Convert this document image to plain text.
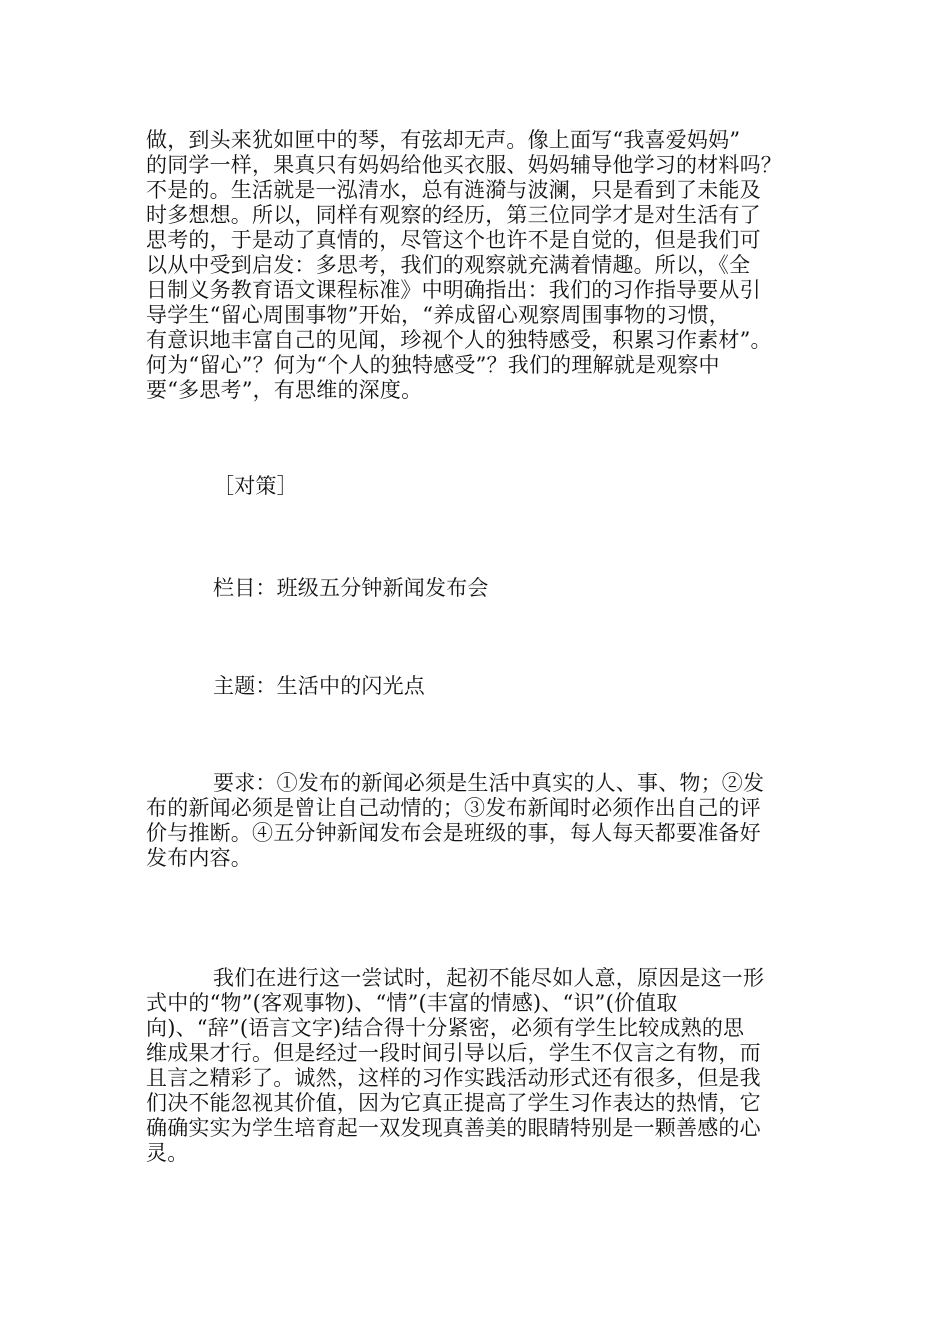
做，到头来犹如匣中的琴，有弦却无声。像上面写“我喜爱妈妈”
的同学一样，果真只有妈妈给他买衣服、妈妈辅导他学习的材料吗？
不是的。生活就是一泓清水，总有涟漪与波澜，只是看到了未能及
时多想想。所以，同样有观察的经历，第三位同学才是对生活有了
思考的，于是动了真情的，尽管这个也许不是自觉的，但是我们可
以从中受到启发：多思考，我们的观察就充满着情趣。所以，《全
日制义务教育语文课程标准》中明确指出：我们的习作指导要从引
导学生“留心周围事物”开始，“养成留心观察周围事物的习惯，
有意识地丰富自己的见闻，珍视个人的独特感受，积累习作素材”。
何为“留心”？何为“个人的独特感受”？我们的理解就是观察中
要“多思考”，有思维的深度。
［对策］
栏目：班级五分钟新闻发布会
主题：生活中的闪光点
要求：①发布的新闻必须是生活中真实的人、事、物；②发
布的新闻必须是曾让自己动情的；③发布新闻时必须作出自己的评
价与推断。④五分钟新闻发布会是班级的事，每人每天都要准备好
发布内容。
我们在进行这一尝试时，起初不能尽如人意，原因是这一形
式中的“物”(客观事物)、“情”(丰富的情感)、“识”(价值取
向)、“辞”(语言文字)结合得十分紧密，必须有学生比较成熟的思
维成果才行。但是经过一段时间引导以后，学生不仅言之有物，而
且言之精彩了。诚然，这样的习作实践活动形式还有很多，但是我
们决不能忽视其价值，因为它真正提高了学生习作表达的热情，它
确确实实为学生培育起一双发现真善美的眼睛特别是一颗善感的心
灵。
